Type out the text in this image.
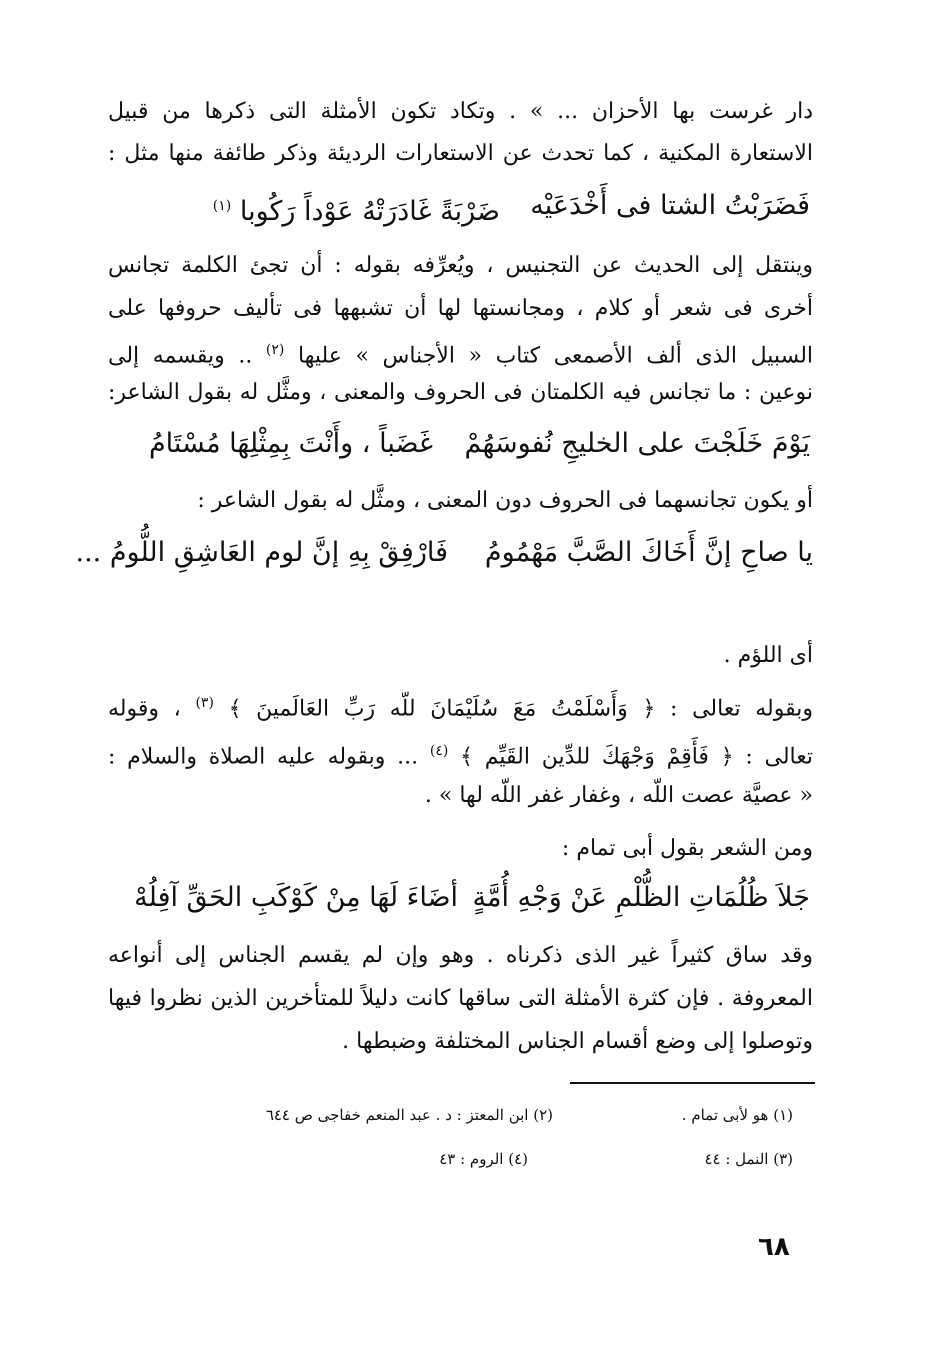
دار غرست بها الأحزان ... » . وتكاد تكون الأمثلة التى ذكرها من قبيل
الاستعارة المكنية ، كما تحدث عن الاستعارات الرديئة وذكر طائفة منها مثل :
فَضَرَبْتُ الشتا فى أَخْدَعَيْه
ضَرْبَةً غَادَرَتْهُ عَوْداً رَكُوبا $^{(١)}$
وينتقل إلى الحديث عن التجنيس ، ويُعرِّفه بقوله : أن تجئ الكلمة تجانس
أخرى فى شعر أو كلام ، ومجانستها لها أن تشبهها فى تأليف حروفها على
السبيل الذى ألف الأصمعى كتاب « الأجناس » عليها $^{(٢)}$ .. ويقسمه إلى
نوعين : ما تجانس فيه الكلمتان فى الحروف والمعنى ، ومثَّل له بقول الشاعر:
يَوْمَ خَلَجْتَ على الخليجِ نُفوسَهُمْ
غَضَباً ، وأَنْتَ بِمِثْلِهَا مُسْتَامُ
أو يكون تجانسهما فى الحروف دون المعنى ، ومثَّل له بقول الشاعر :
يا صاحِ إنَّ أَخَاكَ الصَّبَّ مَهْمُومُ
فَارْفِقْ بِهِ إنَّ لوم العَاشِقِ اللُّومُ ...
أى اللؤم .
وبقوله تعالى : ﴿ وَأَسْلَمْتُ مَعَ سُلَيْمَانَ للّه رَبِّ العَالَمينَ ﴾ $^{(٣)}$ ، وقوله
تعالى : ﴿ فَأَقِمْ وَجْهَكَ للدِّين القَيِّم ﴾ $^{(٤)}$ ... وبقوله عليه الصلاة والسلام :
« عصيَّة عصت اللّه ، وغفار غفر اللّه لها » .
ومن الشعر بقول أبى تمام :
جَلاَ ظُلُمَاتِ الظُّلْمِ عَنْ وَجْهِ أُمَّةٍ
أضَاءَ لَهَا مِنْ كَوْكَبِ الحَقِّ آفِلُهْ
وقد ساق كثيراً غير الذى ذكرناه . وهو وإن لم يقسم الجناس إلى أنواعه
المعروفة . فإن كثرة الأمثلة التى ساقها كانت دليلاً للمتأخرين الذين نظروا فيها
وتوصلوا إلى وضع أقسام الجناس المختلفة وضبطها .
(١) هو لأبى تمام .
(٢) ابن المعتز : د . عبد المنعم خفاجى ص ٦٤٤
(٣) النمل : ٤٤
(٤) الروم : ٤٣
٦٨
